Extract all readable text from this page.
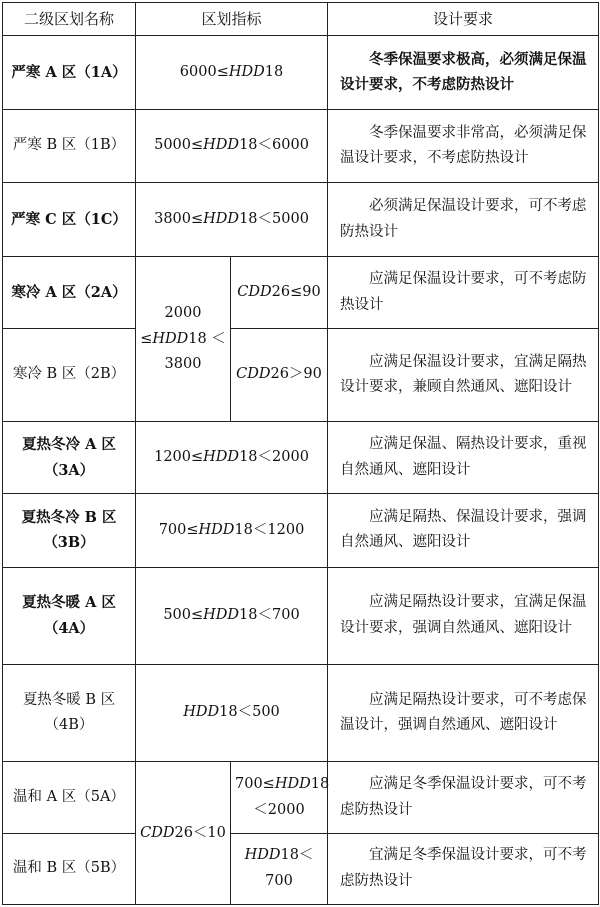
二级区划名称	区划指标		设计要求
严寒 A 区（1A）	6000≤HDD18		冬季保温要求极高，必须满足保温设计要求，不考虑防热设计

严寒 B 区（1B）	5000≤HDD18＜6000		冬季保温要求非常高，必须满足保温设计要求，不考虑防热设计

严寒 C 区（1C）	3800≤HDD18＜5000		必须满足保温设计要求，可不考虑防热设计

寒冷 A 区（2A）	2000 ≤HDD18 ＜3800	CDD26≤90	应满足保温设计要求，可不考虑防热设计

寒冷 B 区（2B）		CDD26＞90	应满足保温设计要求，宜满足隔热设计要求，兼顾自然通风、遮阳设计

夏热冬冷 A 区（3A）	1200≤HDD18＜2000		应满足保温、隔热设计要求，重视自然通风、遮阳设计

夏热冬冷 B 区（3B）	700≤HDD18＜1200		应满足隔热、保温设计要求，强调自然通风、遮阳设计

夏热冬暖 A 区（4A）	500≤HDD18＜700		应满足隔热设计要求，宜满足保温设计要求，强调自然通风、遮阳设计

夏热冬暖 B 区（4B）	HDD18＜500		应满足隔热设计要求，可不考虑保温设计，强调自然通风、遮阳设计

温和 A 区（5A）	CDD26＜10	700≤HDD18 ＜2000	应满足冬季保温设计要求，可不考虑防热设计

温和 B 区（5B）		HDD18＜700	宜满足冬季保温设计要求，可不考虑防热设计
